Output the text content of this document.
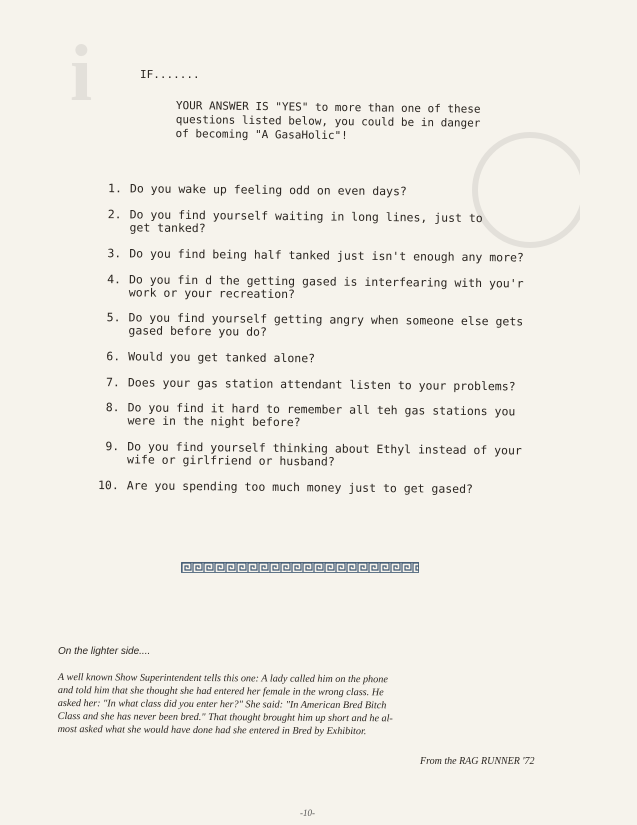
i	IF.......
YOUR ANSWER IS "YES" to more than one of these
questions listed below, you could be in danger
of becoming "A GasaHolic"!
1. Do you wake up feeling odd on even days?
2. Do you find yourself waiting in long lines, just to
get tanked?
3. Do you find being half tanked just isn't enough any more?
4. Do you fin d the getting gased is interfearing with you'r
work or your recreation?
5. Do you find yourself getting angry when someone else gets
gased before you do?
6. Would you get tanked alone?
7. Does your gas station attendant listen to your problems?
8. Do you find it hard to remember all teh gas stations you
were in the night before?
9. Do you find yourself thinking about Ethyl instead of your
wife or girlfriend or husband?
10. Are you spending too much money just to get gased?
On the lighter side....
A well known Show Superintendent tells this one: A lady called him on the phone
and told him that she thought she had entered her female in the wrong class. He
asked her: "In what class did you enter her?" She said: "In American Bred Bitch
Class and she has never been bred." That thought brought him up short and he al-
most asked what she would have done had she entered in Bred by Exhibitor.
From the RAG RUNNER '72
-10-
